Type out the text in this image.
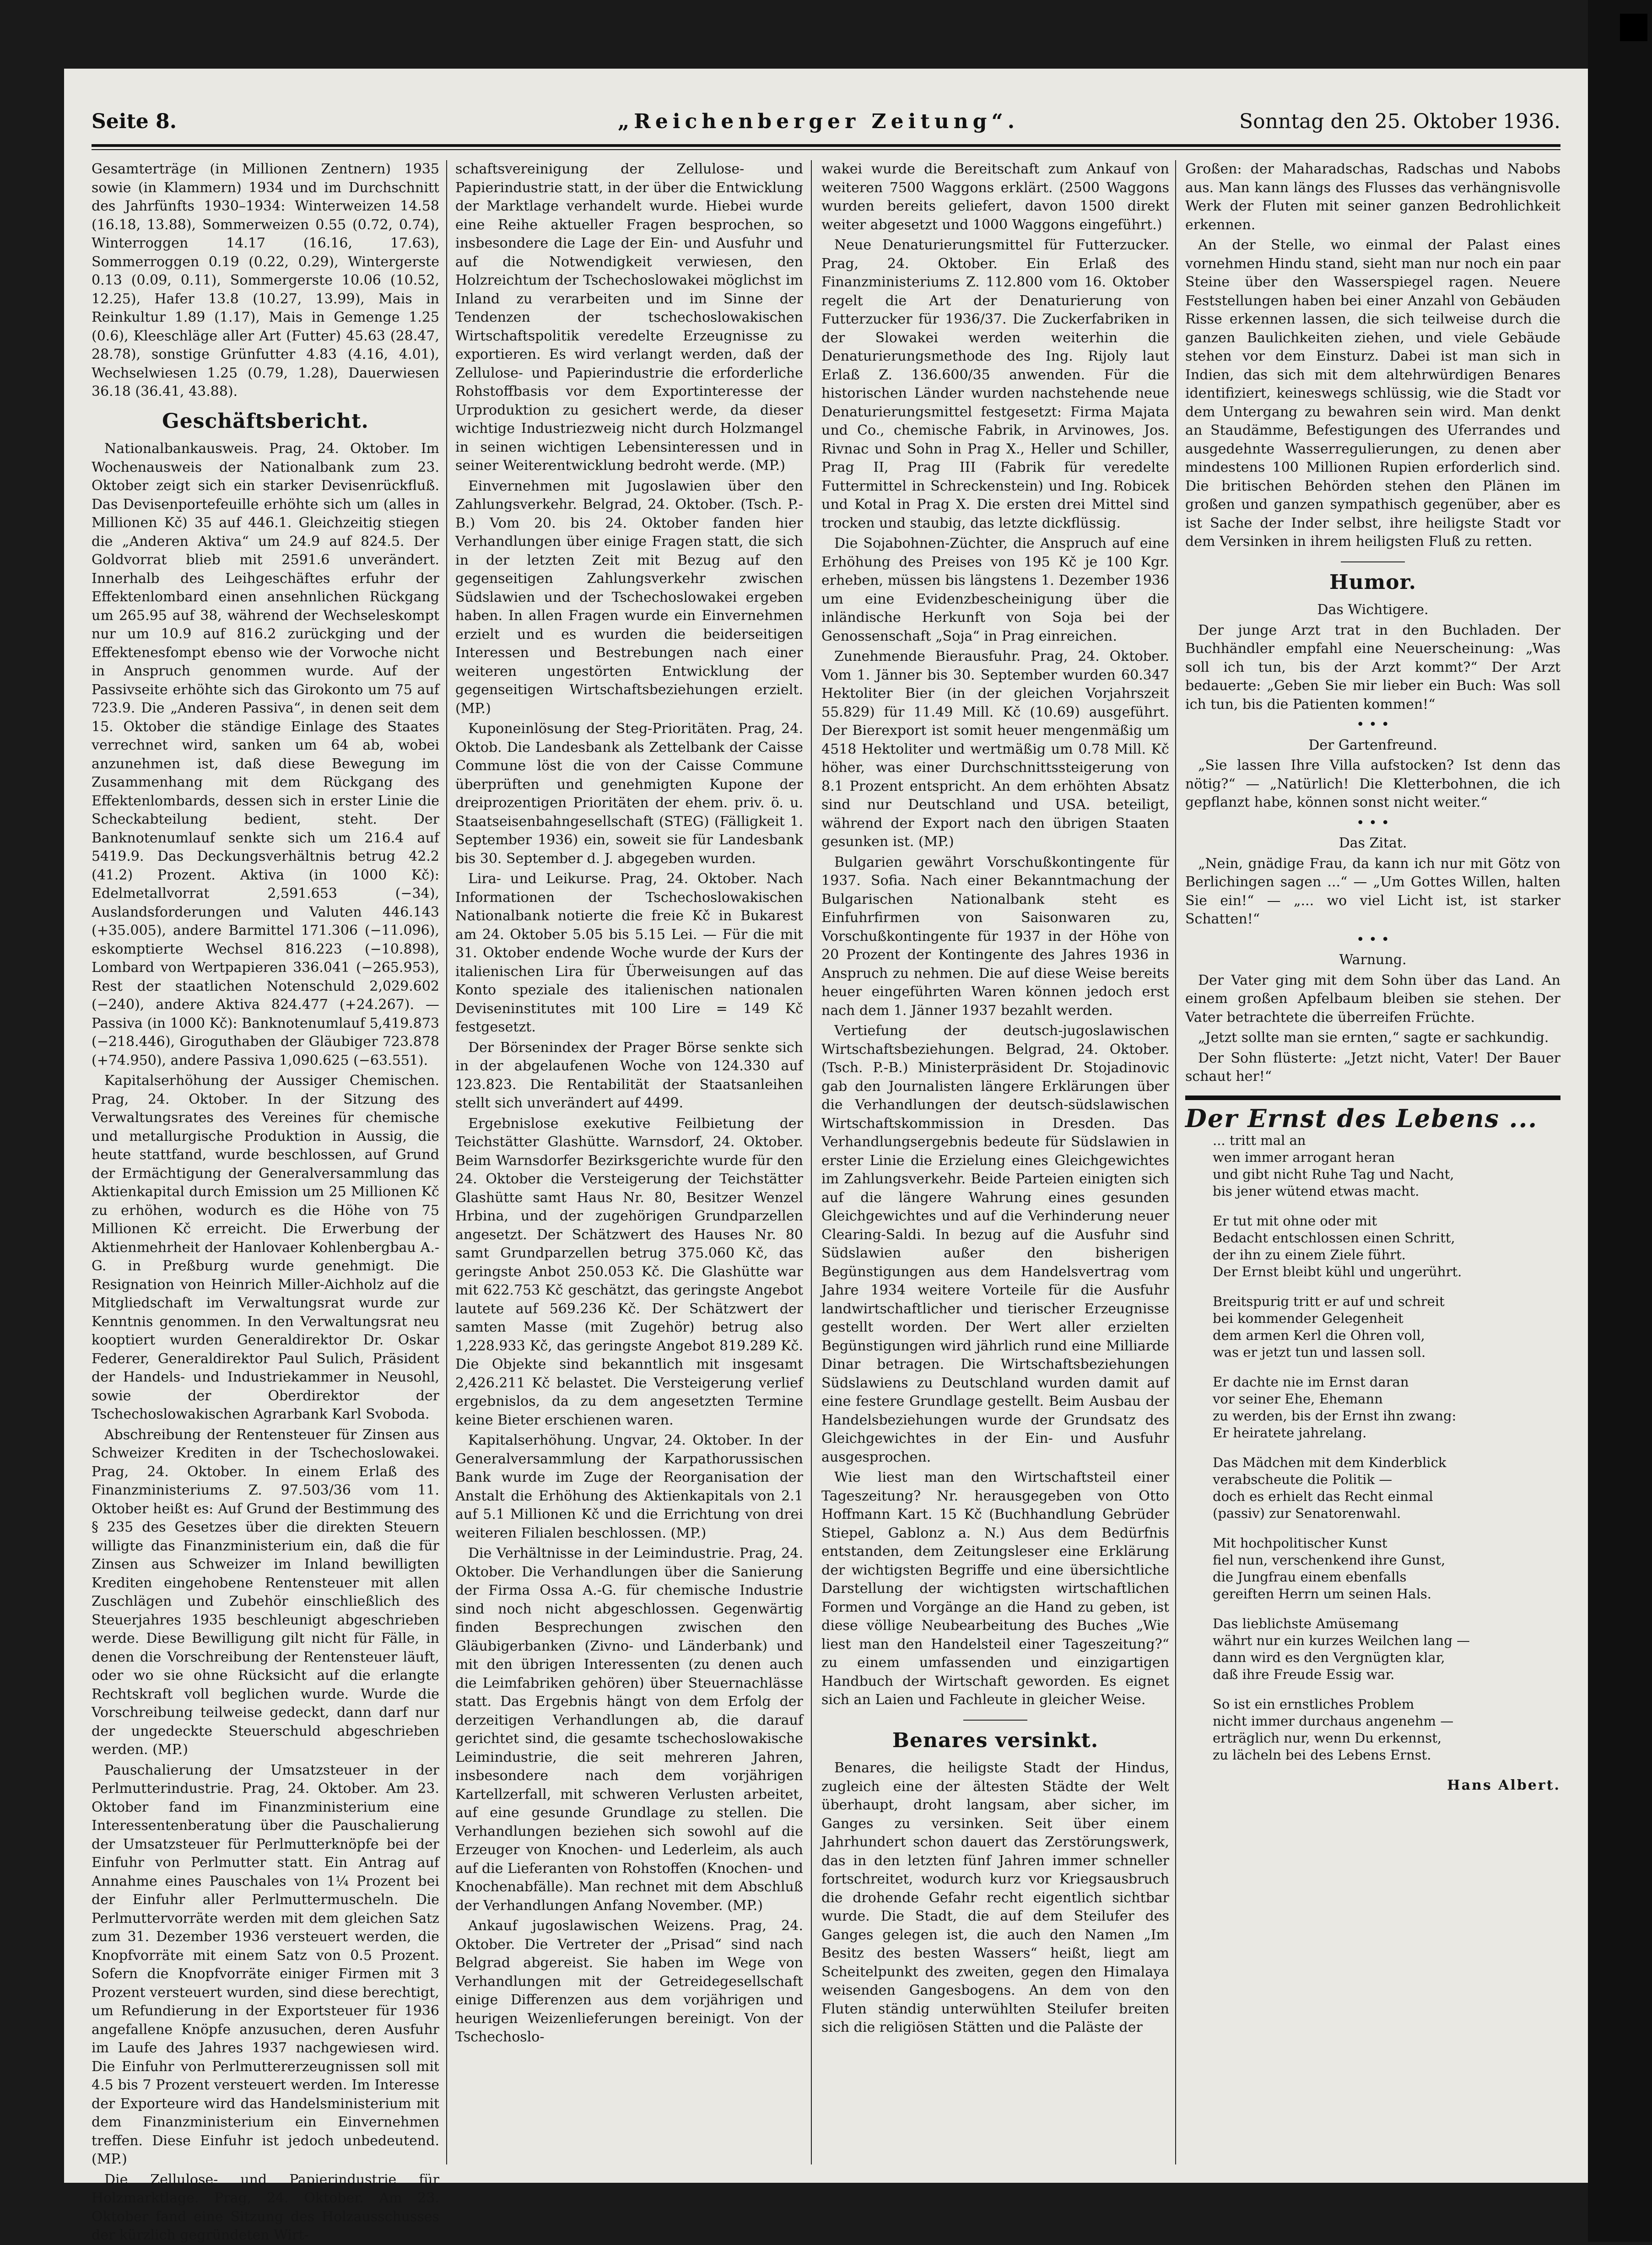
Seite 8.	„Reichenberger Zeitung“.	Sonntag den 25. Oktober 1936.

Gesamterträge (in Millionen Zentnern) 1935 sowie (in Klammern) 1934 und im Durchschnitt des Jahrfünfts 1930–1934: Winterweizen 14.58 (16.18, 13.88), Sommerweizen 0.55 (0.72, 0.74), Winterroggen 14.17 (16.16, 17.63), Sommerroggen 0.19 (0.22, 0.29), Wintergerste 0.13 (0.09, 0.11), Sommergerste 10.06 (10.52, 12.25), Hafer 13.8 (10.27, 13.99), Mais in Reinkultur 1.89 (1.17), Mais in Gemenge 1.25 (0.6), Kleeschläge aller Art (Futter) 45.63 (28.47, 28.78), sonstige Grünfutter 4.83 (4.16, 4.01), Wechselwiesen 1.25 (0.79, 1.28), Dauerwiesen 36.18 (36.41, 43.88).

Geschäftsbericht.

Nationalbankausweis. Prag, 24. Oktober. Im Wochenausweis der Nationalbank zum 23. Oktober zeigt sich ein starker Devisenrückfluß. Das Devisenportefeuille erhöhte sich um (alles in Millionen Kč) 35 auf 446.1. Gleichzeitig stiegen die „Anderen Aktiva“ um 24.9 auf 824.5. Der Goldvorrat blieb mit 2591.6 unverändert. Innerhalb des Leihgeschäftes erfuhr der Effektenlombard einen ansehnlichen Rückgang um 265.95 auf 38, während der Wechseleskompt nur um 10.9 auf 816.2 zurückging und der Effektenesfompt ebenso wie der Vorwoche nicht in Anspruch genommen wurde. Auf der Passivseite erhöhte sich das Girokonto um 75 auf 723.9. Die „Anderen Passiva“, in denen seit dem 15. Oktober die ständige Einlage des Staates verrechnet wird, sanken um 64 ab, wobei anzunehmen ist, daß diese Bewegung im Zusammenhang mit dem Rückgang des Effektenlombards, dessen sich in erster Linie die Scheckabteilung bedient, steht. Der Banknotenumlauf senkte sich um 216.4 auf 5419.9. Das Deckungsverhältnis betrug 42.2 (41.2) Prozent. Aktiva (in 1000 Kč): Edelmetallvorrat 2,591.653 (−34), Auslandsforderungen und Valuten 446.143 (+35.005), andere Barmittel 171.306 (−11.096), eskomptierte Wechsel 816.223 (−10.898), Lombard von Wertpapieren 336.041 (−265.953), Rest der staatlichen Notenschuld 2,029.602 (−240), andere Aktiva 824.477 (+24.267). — Passiva (in 1000 Kč): Banknotenumlauf 5,419.873 (−218.446), Giroguthaben der Gläubiger 723.878 (+74.950), andere Passiva 1,090.625 (−63.551).

Kapitalserhöhung der Aussiger Chemischen. Prag, 24. Oktober. In der Sitzung des Verwaltungsrates des Vereines für chemische und metallurgische Produktion in Aussig, die heute stattfand, wurde beschlossen, auf Grund der Ermächtigung der Generalversammlung das Aktienkapital durch Emission um 25 Millionen Kč zu erhöhen, wodurch es die Höhe von 75 Millionen Kč erreicht. Die Erwerbung der Aktienmehrheit der Hanlovaer Kohlenbergbau A.-G. in Preßburg wurde genehmigt. Die Resignation von Heinrich Miller-Aichholz auf die Mitgliedschaft im Verwaltungsrat wurde zur Kenntnis genommen. In den Verwaltungsrat neu kooptiert wurden Generaldirektor Dr. Oskar Federer, Generaldirektor Paul Sulich, Präsident der Handels- und Industriekammer in Neusohl, sowie der Oberdirektor der Tschechoslowakischen Agrarbank Karl Svoboda.

Abschreibung der Rentensteuer für Zinsen aus Schweizer Krediten in der Tschechoslowakei. Prag, 24. Oktober. In einem Erlaß des Finanzministeriums Z. 97.503/36 vom 11. Oktober heißt es: Auf Grund der Bestimmung des § 235 des Gesetzes über die direkten Steuern willigte das Finanzministerium ein, daß die für Zinsen aus Schweizer im Inland bewilligten Krediten eingehobene Rentensteuer mit allen Zuschlägen und Zubehör einschließlich des Steuerjahres 1935 beschleunigt abgeschrieben werde. Diese Bewilligung gilt nicht für Fälle, in denen die Vorschreibung der Rentensteuer läuft, oder wo sie ohne Rücksicht auf die erlangte Rechtskraft voll beglichen wurde. Wurde die Vorschreibung teilweise gedeckt, dann darf nur der ungedeckte Steuerschuld abgeschrieben werden. (MP.)

Pauschalierung der Umsatzsteuer in der Perlmutterindustrie. Prag, 24. Oktober. Am 23. Oktober fand im Finanzministerium eine Interessentenberatung über die Pauschalierung der Umsatzsteuer für Perlmutterknöpfe bei der Einfuhr von Perlmutter statt. Ein Antrag auf Annahme eines Pauschales von 1¼ Prozent bei der Einfuhr aller Perlmuttermuscheln. Die Perlmuttervorräte werden mit dem gleichen Satz zum 31. Dezember 1936 versteuert werden, die Knopfvorräte mit einem Satz von 0.5 Prozent. Sofern die Knopfvorräte einiger Firmen mit 3 Prozent versteuert wurden, sind diese berechtigt, um Refundierung in der Exportsteuer für 1936 angefallene Knöpfe anzusuchen, deren Ausfuhr im Laufe des Jahres 1937 nachgewiesen wird. Die Einfuhr von Perlmuttererzeugnissen soll mit 4.5 bis 7 Prozent versteuert werden. Im Interesse der Exporteure wird das Handelsministerium mit dem Finanzministerium ein Einvernehmen treffen. Diese Einfuhr ist jedoch unbedeutend. (MP.)

Die Zellulose- und Papierindustrie für Holzmarktlage. Prag, 24. Oktober. Am 23. Oktober fand eine Sitzung des Holzausschusses der kürzlich gegründeten Wirt-

schaftsvereinigung der Zellulose- und Papierindustrie statt, in der über die Entwicklung der Marktlage verhandelt wurde. Hiebei wurde eine Reihe aktueller Fragen besprochen, so insbesondere die Lage der Ein- und Ausfuhr und auf die Notwendigkeit verwiesen, den Holzreichtum der Tschechoslowakei möglichst im Inland zu verarbeiten und im Sinne der Tendenzen der tschechoslowakischen Wirtschaftspolitik veredelte Erzeugnisse zu exportieren. Es wird verlangt werden, daß der Zellulose- und Papierindustrie die erforderliche Rohstoffbasis vor dem Exportinteresse der Urproduktion zu gesichert werde, da dieser wichtige Industriezweig nicht durch Holzmangel in seinen wichtigen Lebensinteressen und in seiner Weiterentwicklung bedroht werde. (MP.)

Einvernehmen mit Jugoslawien über den Zahlungsverkehr. Belgrad, 24. Oktober. (Tsch. P.-B.) Vom 20. bis 24. Oktober fanden hier Verhandlungen über einige Fragen statt, die sich in der letzten Zeit mit Bezug auf den gegenseitigen Zahlungsverkehr zwischen Südslawien und der Tschechoslowakei ergeben haben. In allen Fragen wurde ein Einvernehmen erzielt und es wurden die beiderseitigen Interessen und Bestrebungen nach einer weiteren ungestörten Entwicklung der gegenseitigen Wirtschaftsbeziehungen erzielt. (MP.)

Kuponeinlösung der Steg-Prioritäten. Prag, 24. Oktob. Die Landesbank als Zettelbank der Caisse Commune löst die von der Caisse Commune überprüften und genehmigten Kupone der dreiprozentigen Prioritäten der ehem. priv. ö. u. Staatseisenbahngesellschaft (STEG) (Fälligkeit 1. September 1936) ein, soweit sie für Landesbank bis 30. September d. J. abgegeben wurden.

Lira- und Leikurse. Prag, 24. Oktober. Nach Informationen der Tschechoslowakischen Nationalbank notierte die freie Kč in Bukarest am 24. Oktober 5.05 bis 5.15 Lei. — Für die mit 31. Oktober endende Woche wurde der Kurs der italienischen Lira für Überweisungen auf das Konto speziale des italienischen nationalen Deviseninstitutes mit 100 Lire = 149 Kč festgesetzt.

Der Börsenindex der Prager Börse senkte sich in der abgelaufenen Woche von 124.330 auf 123.823. Die Rentabilität der Staatsanleihen stellt sich unverändert auf 4499.

Ergebnislose exekutive Feilbietung der Teichstätter Glashütte. Warnsdorf, 24. Oktober. Beim Warnsdorfer Bezirksgerichte wurde für den 24. Oktober die Versteigerung der Teichstätter Glashütte samt Haus Nr. 80, Besitzer Wenzel Hrbina, und der zugehörigen Grundparzellen angesetzt. Der Schätzwert des Hauses Nr. 80 samt Grundparzellen betrug 375.060 Kč, das geringste Anbot 250.053 Kč. Die Glashütte war mit 622.753 Kč geschätzt, das geringste Angebot lautete auf 569.236 Kč. Der Schätzwert der samten Masse (mit Zugehör) betrug also 1,228.933 Kč, das geringste Angebot 819.289 Kč. Die Objekte sind bekanntlich mit insgesamt 2,426.211 Kč belastet. Die Versteigerung verlief ergebnislos, da zu dem angesetzten Termine keine Bieter erschienen waren.

Kapitalserhöhung. Ungvar, 24. Oktober. In der Generalversammlung der Karpathorussischen Bank wurde im Zuge der Reorganisation der Anstalt die Erhöhung des Aktienkapitals von 2.1 auf 5.1 Millionen Kč und die Errichtung von drei weiteren Filialen beschlossen. (MP.)

Die Verhältnisse in der Leimindustrie. Prag, 24. Oktober. Die Verhandlungen über die Sanierung der Firma Ossa A.-G. für chemische Industrie sind noch nicht abgeschlossen. Gegenwärtig finden Besprechungen zwischen den Gläubigerbanken (Zivno- und Länderbank) und mit den übrigen Interessenten (zu denen auch die Leimfabriken gehören) über Steuernachlässe statt. Das Ergebnis hängt von dem Erfolg der derzeitigen Verhandlungen ab, die darauf gerichtet sind, die gesamte tschechoslowakische Leimindustrie, die seit mehreren Jahren, insbesondere nach dem vorjährigen Kartellzerfall, mit schweren Verlusten arbeitet, auf eine gesunde Grundlage zu stellen. Die Verhandlungen beziehen sich sowohl auf die Erzeuger von Knochen- und Lederleim, als auch auf die Lieferanten von Rohstoffen (Knochen- und Knochenabfälle). Man rechnet mit dem Abschluß der Verhandlungen Anfang November. (MP.)

Ankauf jugoslawischen Weizens. Prag, 24. Oktober. Die Vertreter der „Prisad“ sind nach Belgrad abgereist. Sie haben im Wege von Verhandlungen mit der Getreidegesellschaft einige Differenzen aus dem vorjährigen und heurigen Weizenlieferungen bereinigt. Von der Tschechoslo-

wakei wurde die Bereitschaft zum Ankauf von weiteren 7500 Waggons erklärt. (2500 Waggons wurden bereits geliefert, davon 1500 direkt weiter abgesetzt und 1000 Waggons eingeführt.)

Neue Denaturierungsmittel für Futterzucker. Prag, 24. Oktober. Ein Erlaß des Finanzministeriums Z. 112.800 vom 16. Oktober regelt die Art der Denaturierung von Futterzucker für 1936/37. Die Zuckerfabriken in der Slowakei werden weiterhin die Denaturierungsmethode des Ing. Rijoly laut Erlaß Z. 136.600/35 anwenden. Für die historischen Länder wurden nachstehende neue Denaturierungsmittel festgesetzt: Firma Majata und Co., chemische Fabrik, in Arvinowes, Jos. Rivnac und Sohn in Prag X., Heller und Schiller, Prag II, Prag III (Fabrik für veredelte Futtermittel in Schreckenstein) und Ing. Robicek und Kotal in Prag X. Die ersten drei Mittel sind trocken und staubig, das letzte dickflüssig.

Die Sojabohnen-Züchter, die Anspruch auf eine Erhöhung des Preises von 195 Kč je 100 Kgr. erheben, müssen bis längstens 1. Dezember 1936 um eine Evidenzbescheinigung über die inländische Herkunft von Soja bei der Genossenschaft „Soja“ in Prag einreichen.

Zunehmende Bierausfuhr. Prag, 24. Oktober. Vom 1. Jänner bis 30. September wurden 60.347 Hektoliter Bier (in der gleichen Vorjahrszeit 55.829) für 11.49 Mill. Kč (10.69) ausgeführt. Der Bierexport ist somit heuer mengenmäßig um 4518 Hektoliter und wertmäßig um 0.78 Mill. Kč höher, was einer Durchschnittssteigerung von 8.1 Prozent entspricht. An dem erhöhten Absatz sind nur Deutschland und USA. beteiligt, während der Export nach den übrigen Staaten gesunken ist. (MP.)

Bulgarien gewährt Vorschußkontingente für 1937. Sofia. Nach einer Bekanntmachung der Bulgarischen Nationalbank steht es Einfuhrfirmen von Saisonwaren zu, Vorschußkontingente für 1937 in der Höhe von 20 Prozent der Kontingente des Jahres 1936 in Anspruch zu nehmen. Die auf diese Weise bereits heuer eingeführten Waren können jedoch erst nach dem 1. Jänner 1937 bezahlt werden.

Vertiefung der deutsch-jugoslawischen Wirtschaftsbeziehungen. Belgrad, 24. Oktober. (Tsch. P.-B.) Ministerpräsident Dr. Stojadinovic gab den Journalisten längere Erklärungen über die Verhandlungen der deutsch-südslawischen Wirtschaftskommission in Dresden. Das Verhandlungsergebnis bedeute für Südslawien in erster Linie die Erzielung eines Gleichgewichtes im Zahlungsverkehr. Beide Parteien einigten sich auf die längere Wahrung eines gesunden Gleichgewichtes und auf die Verhinderung neuer Clearing-Saldi. In bezug auf die Ausfuhr sind Südslawien außer den bisherigen Begünstigungen aus dem Handelsvertrag vom Jahre 1934 weitere Vorteile für die Ausfuhr landwirtschaftlicher und tierischer Erzeugnisse gestellt worden. Der Wert aller erzielten Begünstigungen wird jährlich rund eine Milliarde Dinar betragen. Die Wirtschaftsbeziehungen Südslawiens zu Deutschland wurden damit auf eine festere Grundlage gestellt. Beim Ausbau der Handelsbeziehungen wurde der Grundsatz des Gleichgewichtes in der Ein- und Ausfuhr ausgesprochen.

Wie liest man den Wirtschaftsteil einer Tageszeitung? Nr. herausgegeben von Otto Hoffmann Kart. 15 Kč (Buchhandlung Gebrüder Stiepel, Gablonz a. N.) Aus dem Bedürfnis entstanden, dem Zeitungsleser eine Erklärung der wichtigsten Begriffe und eine übersichtliche Darstellung der wichtigsten wirtschaftlichen Formen und Vorgänge an die Hand zu geben, ist diese völlige Neubearbeitung des Buches „Wie liest man den Handelsteil einer Tageszeitung?“ zu einem umfassenden und einzigartigen Handbuch der Wirtschaft geworden. Es eignet sich an Laien und Fachleute in gleicher Weise.

Benares versinkt.

Benares, die heiligste Stadt der Hindus, zugleich eine der ältesten Städte der Welt überhaupt, droht langsam, aber sicher, im Ganges zu versinken. Seit über einem Jahrhundert schon dauert das Zerstörungswerk, das in den letzten fünf Jahren immer schneller fortschreitet, wodurch kurz vor Kriegsausbruch die drohende Gefahr recht eigentlich sichtbar wurde. Die Stadt, die auf dem Steilufer des Ganges gelegen ist, die auch den Namen „Im Besitz des besten Wassers“ heißt, liegt am Scheitelpunkt des zweiten, gegen den Himalaya weisenden Gangesbogens. An dem von den Fluten ständig unterwühlten Steilufer breiten sich die religiösen Stätten und die Paläste der

Großen: der Maharadschas, Radschas und Nabobs aus. Man kann längs des Flusses das verhängnisvolle Werk der Fluten mit seiner ganzen Bedrohlichkeit erkennen.

An der Stelle, wo einmal der Palast eines vornehmen Hindu stand, sieht man nur noch ein paar Steine über den Wasserspiegel ragen. Neuere Feststellungen haben bei einer Anzahl von Gebäuden Risse erkennen lassen, die sich teilweise durch die ganzen Baulichkeiten ziehen, und viele Gebäude stehen vor dem Einsturz. Dabei ist man sich in Indien, das sich mit dem altehrwürdigen Benares identifiziert, keineswegs schlüssig, wie die Stadt vor dem Untergang zu bewahren sein wird. Man denkt an Staudämme, Befestigungen des Uferrandes und ausgedehnte Wasserregulierungen, zu denen aber mindestens 100 Millionen Rupien erforderlich sind. Die britischen Behörden stehen den Plänen im großen und ganzen sympathisch gegenüber, aber es ist Sache der Inder selbst, ihre heiligste Stadt vor dem Versinken in ihrem heiligsten Fluß zu retten.

Humor.

Das Wichtigere.

Der junge Arzt trat in den Buchladen. Der Buchhändler empfahl eine Neuerscheinung: „Was soll ich tun, bis der Arzt kommt?“ Der Arzt bedauerte: „Geben Sie mir lieber ein Buch: Was soll ich tun, bis die Patienten kommen!“

• • •

Der Gartenfreund.

„Sie lassen Ihre Villa aufstocken? Ist denn das nötig?“ — „Natürlich! Die Kletterbohnen, die ich gepflanzt habe, können sonst nicht weiter.“

• • •

Das Zitat.

„Nein, gnädige Frau, da kann ich nur mit Götz von Berlichingen sagen ...“ — „Um Gottes Willen, halten Sie ein!“ — „... wo viel Licht ist, ist starker Schatten!“

• • •

Warnung.

Der Vater ging mit dem Sohn über das Land. An einem großen Apfelbaum bleiben sie stehen. Der Vater betrachtete die überreifen Früchte.

„Jetzt sollte man sie ernten,“ sagte er sachkundig.

Der Sohn flüsterte: „Jetzt nicht, Vater! Der Bauer schaut her!“

Der Ernst des Lebens ...
... tritt mal an
wen immer arrogant heran
und gibt nicht Ruhe Tag und Nacht,
bis jener wütend etwas macht.
Er tut mit ohne oder mit
Bedacht entschlossen einen Schritt,
der ihn zu einem Ziele führt.
Der Ernst bleibt kühl und ungerührt.
Breitspurig tritt er auf und schreit
bei kommender Gelegenheit
dem armen Kerl die Ohren voll,
was er jetzt tun und lassen soll.
Er dachte nie im Ernst daran
vor seiner Ehe, Ehemann
zu werden, bis der Ernst ihn zwang:
Er heiratete jahrelang.
Das Mädchen mit dem Kinderblick
verabscheute die Politik —
doch es erhielt das Recht einmal
(passiv) zur Senatorenwahl.
Mit hochpolitischer Kunst
fiel nun, verschenkend ihre Gunst,
die Jungfrau einem ebenfalls
gereiften Herrn um seinen Hals.
Das lieblichste Amüsemang
währt nur ein kurzes Weilchen lang —
dann wird es den Vergnügten klar,
daß ihre Freude Essig war.
So ist ein ernstliches Problem
nicht immer durchaus angenehm —
erträglich nur, wenn Du erkennst,
zu lächeln bei des Lebens Ernst.
Hans Albert.
